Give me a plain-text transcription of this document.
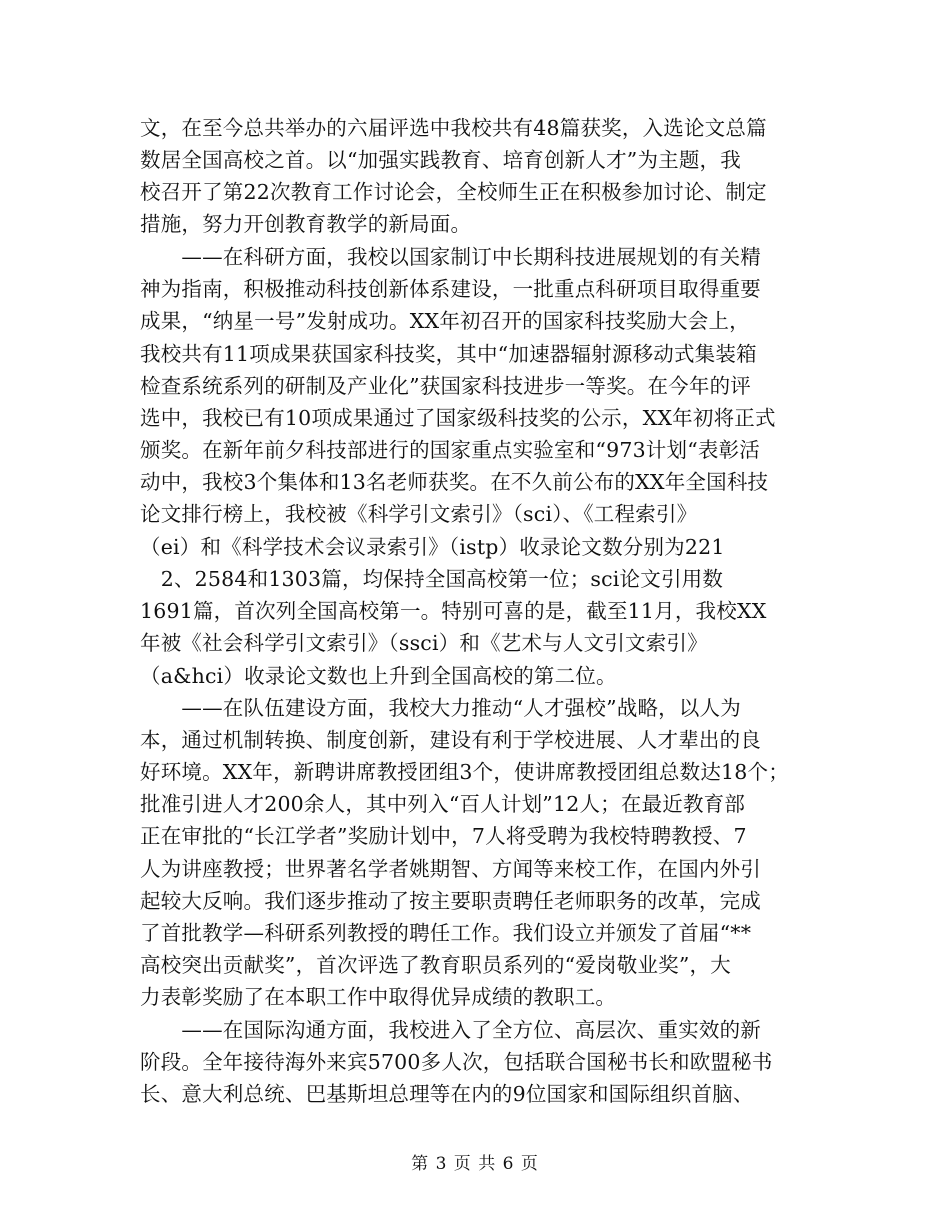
文，在至今总共举办的六届评选中我校共有48篇获奖，入选论文总篇
数居全国高校之首。以“加强实践教育、培育创新人才”为主题，我
校召开了第22次教育工作讨论会，全校师生正在积极参加讨论、制定
措施，努力开创教育教学的新局面。
　　——在科研方面，我校以国家制订中长期科技进展规划的有关精
神为指南，积极推动科技创新体系建设，一批重点科研项目取得重要
成果，“纳星一号”发射成功。XX年初召开的国家科技奖励大会上，
我校共有11项成果获国家科技奖，其中“加速器辐射源移动式集装箱
检查系统系列的研制及产业化”获国家科技进步一等奖。在今年的评
选中，我校已有10项成果通过了国家级科技奖的公示，XX年初将正式
颁奖。在新年前夕科技部进行的国家重点实验室和“973计划“表彰活
动中，我校3个集体和13名老师获奖。在不久前公布的XX年全国科技
论文排行榜上，我校被《科学引文索引》（sci）、《工程索引》
（ei）和《科学技术会议录索引》（istp）收录论文数分别为221
　2、2584和1303篇，均保持全国高校第一位；sci论文引用数
1691篇，首次列全国高校第一。特别可喜的是，截至11月，我校XX
年被《社会科学引文索引》（ssci）和《艺术与人文引文索引》
（a&hci）收录论文数也上升到全国高校的第二位。
　　——在队伍建设方面，我校大力推动“人才强校”战略，以人为
本，通过机制转换、制度创新，建设有利于学校进展、人才辈出的良
好环境。XX年，新聘讲席教授团组3个，使讲席教授团组总数达18个；
批准引进人才200余人，其中列入“百人计划”12人；在最近教育部
正在审批的“长江学者”奖励计划中，7人将受聘为我校特聘教授、7
人为讲座教授；世界著名学者姚期智、方闻等来校工作，在国内外引
起较大反响。我们逐步推动了按主要职责聘任老师职务的改革，完成
了首批教学—科研系列教授的聘任工作。我们设立并颁发了首届“**
高校突出贡献奖”，首次评选了教育职员系列的“爱岗敬业奖”，大
力表彰奖励了在本职工作中取得优异成绩的教职工。
　　——在国际沟通方面，我校进入了全方位、高层次、重实效的新
阶段。全年接待海外来宾5700多人次，包括联合国秘书长和欧盟秘书
长、意大利总统、巴基斯坦总理等在内的9位国家和国际组织首脑、
第 3 页 共 6 页
